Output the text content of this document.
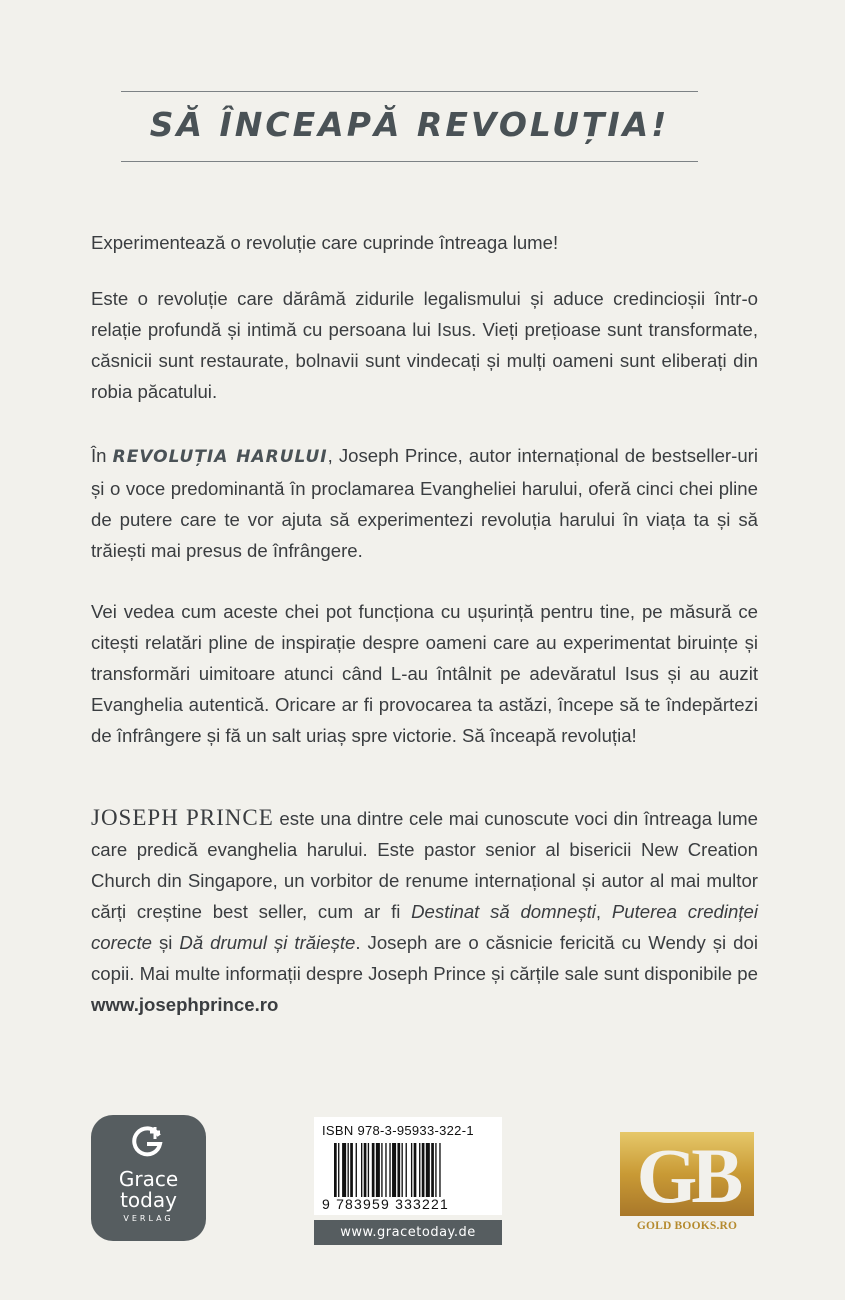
SĂ ÎNCEAPĂ REVOLUȚIA!

Experimentează o revoluție care cuprinde întreaga lume!

Este o revoluție care dărâmă zidurile legalismului și aduce credincioșii într-o relație profundă și intimă cu persoana lui Isus. Vieți prețioase sunt transformate, căsnicii sunt restaurate, bolnavii sunt vindecați și mulți oameni sunt eliberați din robia păcatului.

În REVOLUȚIA HARULUI, Joseph Prince, autor internațional de bestseller-uri și o voce predominantă în proclamarea Evangheliei harului, oferă cinci chei pline de putere care te vor ajuta să experimentezi revoluția harului în viața ta și să trăiești mai presus de înfrângere.

Vei vedea cum aceste chei pot funcționa cu ușurință pentru tine, pe măsură ce citești relatări pline de inspirație despre oameni care au experimentat biruințe și transformări uimitoare atunci când L-au întâlnit pe adevăratul Isus și au auzit Evanghelia autentică. Oricare ar fi provocarea ta astăzi, începe să te îndepărtezi de înfrângere și fă un salt uriaș spre victorie. Să înceapă revoluția!

JOSEPH PRINCE este una dintre cele mai cunoscute voci din întreaga lume care predică evanghelia harului. Este pastor senior al bisericii New Creation Church din Singapore, un vorbitor de renume internațional și autor al mai multor cărți creștine best seller, cum ar fi Destinat să domnești, Puterea credinței corecte și Dă drumul și trăiește. Joseph are o căsnicie fericită cu Wendy și doi copii. Mai multe informații despre Joseph Prince și cărțile sale sunt disponibile pe www.josephprince.ro

Grace today
VERLAG
ISBN 978-3-95933-322-1
9 783959 333221
www.gracetoday.de
GB
GOLD BOOKS.RO
